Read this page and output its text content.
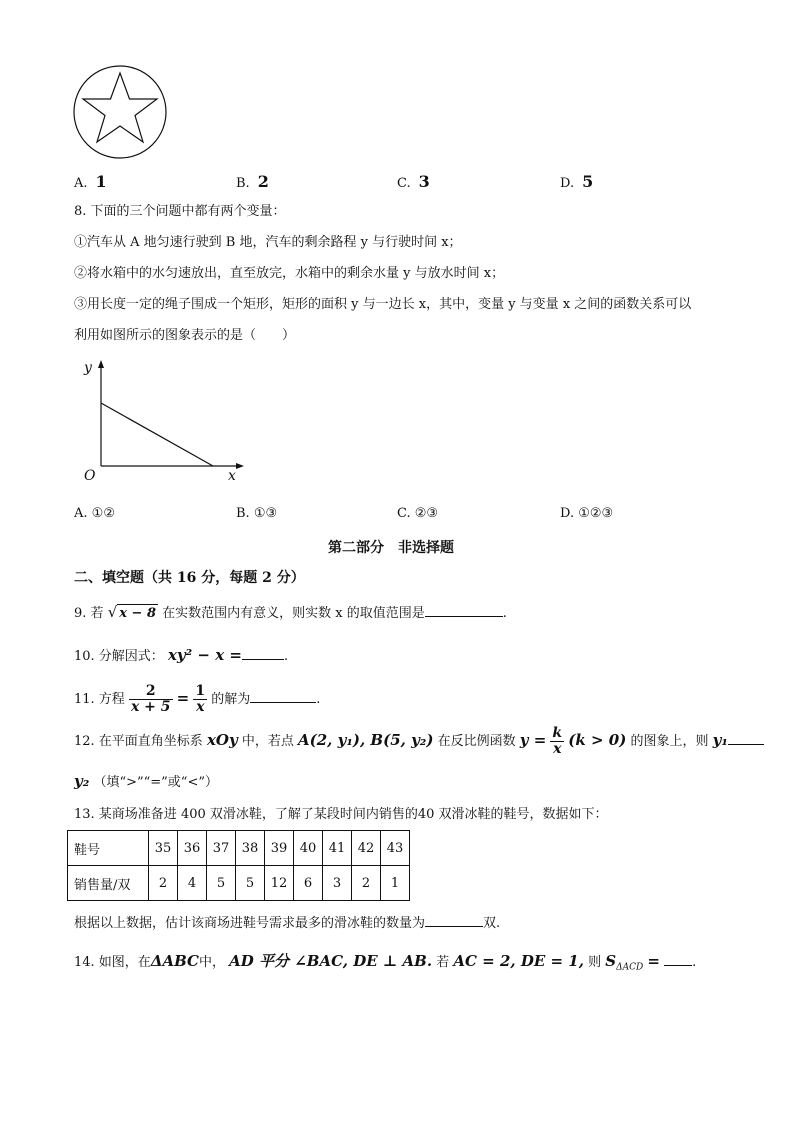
A. 1	B. 2	C. 3	D. 5
8. 下面的三个问题中都有两个变量：
①汽车从 A 地匀速行驶到 B 地，汽车的剩余路程 y 与行驶时间 x；
②将水箱中的水匀速放出，直至放完，水箱中的剩余水量 y 与放水时间 x；
③用长度一定的绳子围成一个矩形，矩形的面积 y 与一边长 x，其中，变量 y 与变量 x 之间的函数关系可以
利用如图所示的图象表示的是（　　）
y
x
O
A. ①②	B. ①③	C. ②③	D. ①②③
第二部分　非选择题
二、填空题（共 16 分，每题 2 分）
9. 若 √ x − 8 在实数范围内有意义，则实数 x 的取值范围是	.
10. 分解因式： xy² − x =	.
11. 方程 $\frac{2}{x + 5} = \frac{1}{x}$ 的解为	.
12. 在平面直角坐标系 xOy 中，若点 A(2, y₁), B(5, y₂) 在反比例函数 $y = \frac{k}{x} (k > 0)$ 的图象上，则 y₁
y₂ （填“>”“=”或“<”）
13. 某商场准备进 400 双滑冰鞋，了解了某段时间内销售的40 双滑冰鞋的鞋号，数据如下：
鞋号	35	36	37	38	39	40	41	42	43
销售量/双	2	4	5	5	12	6	3	2	1
根据以上数据，估计该商场进鞋号需求最多的滑冰鞋的数量为	双.
14. 如图，在ΔABC中， AD 平分 ∠BAC, DE ⊥ AB. 若 AC = 2, DE = 1, 则 $S_{\Delta ACD}$ = .
